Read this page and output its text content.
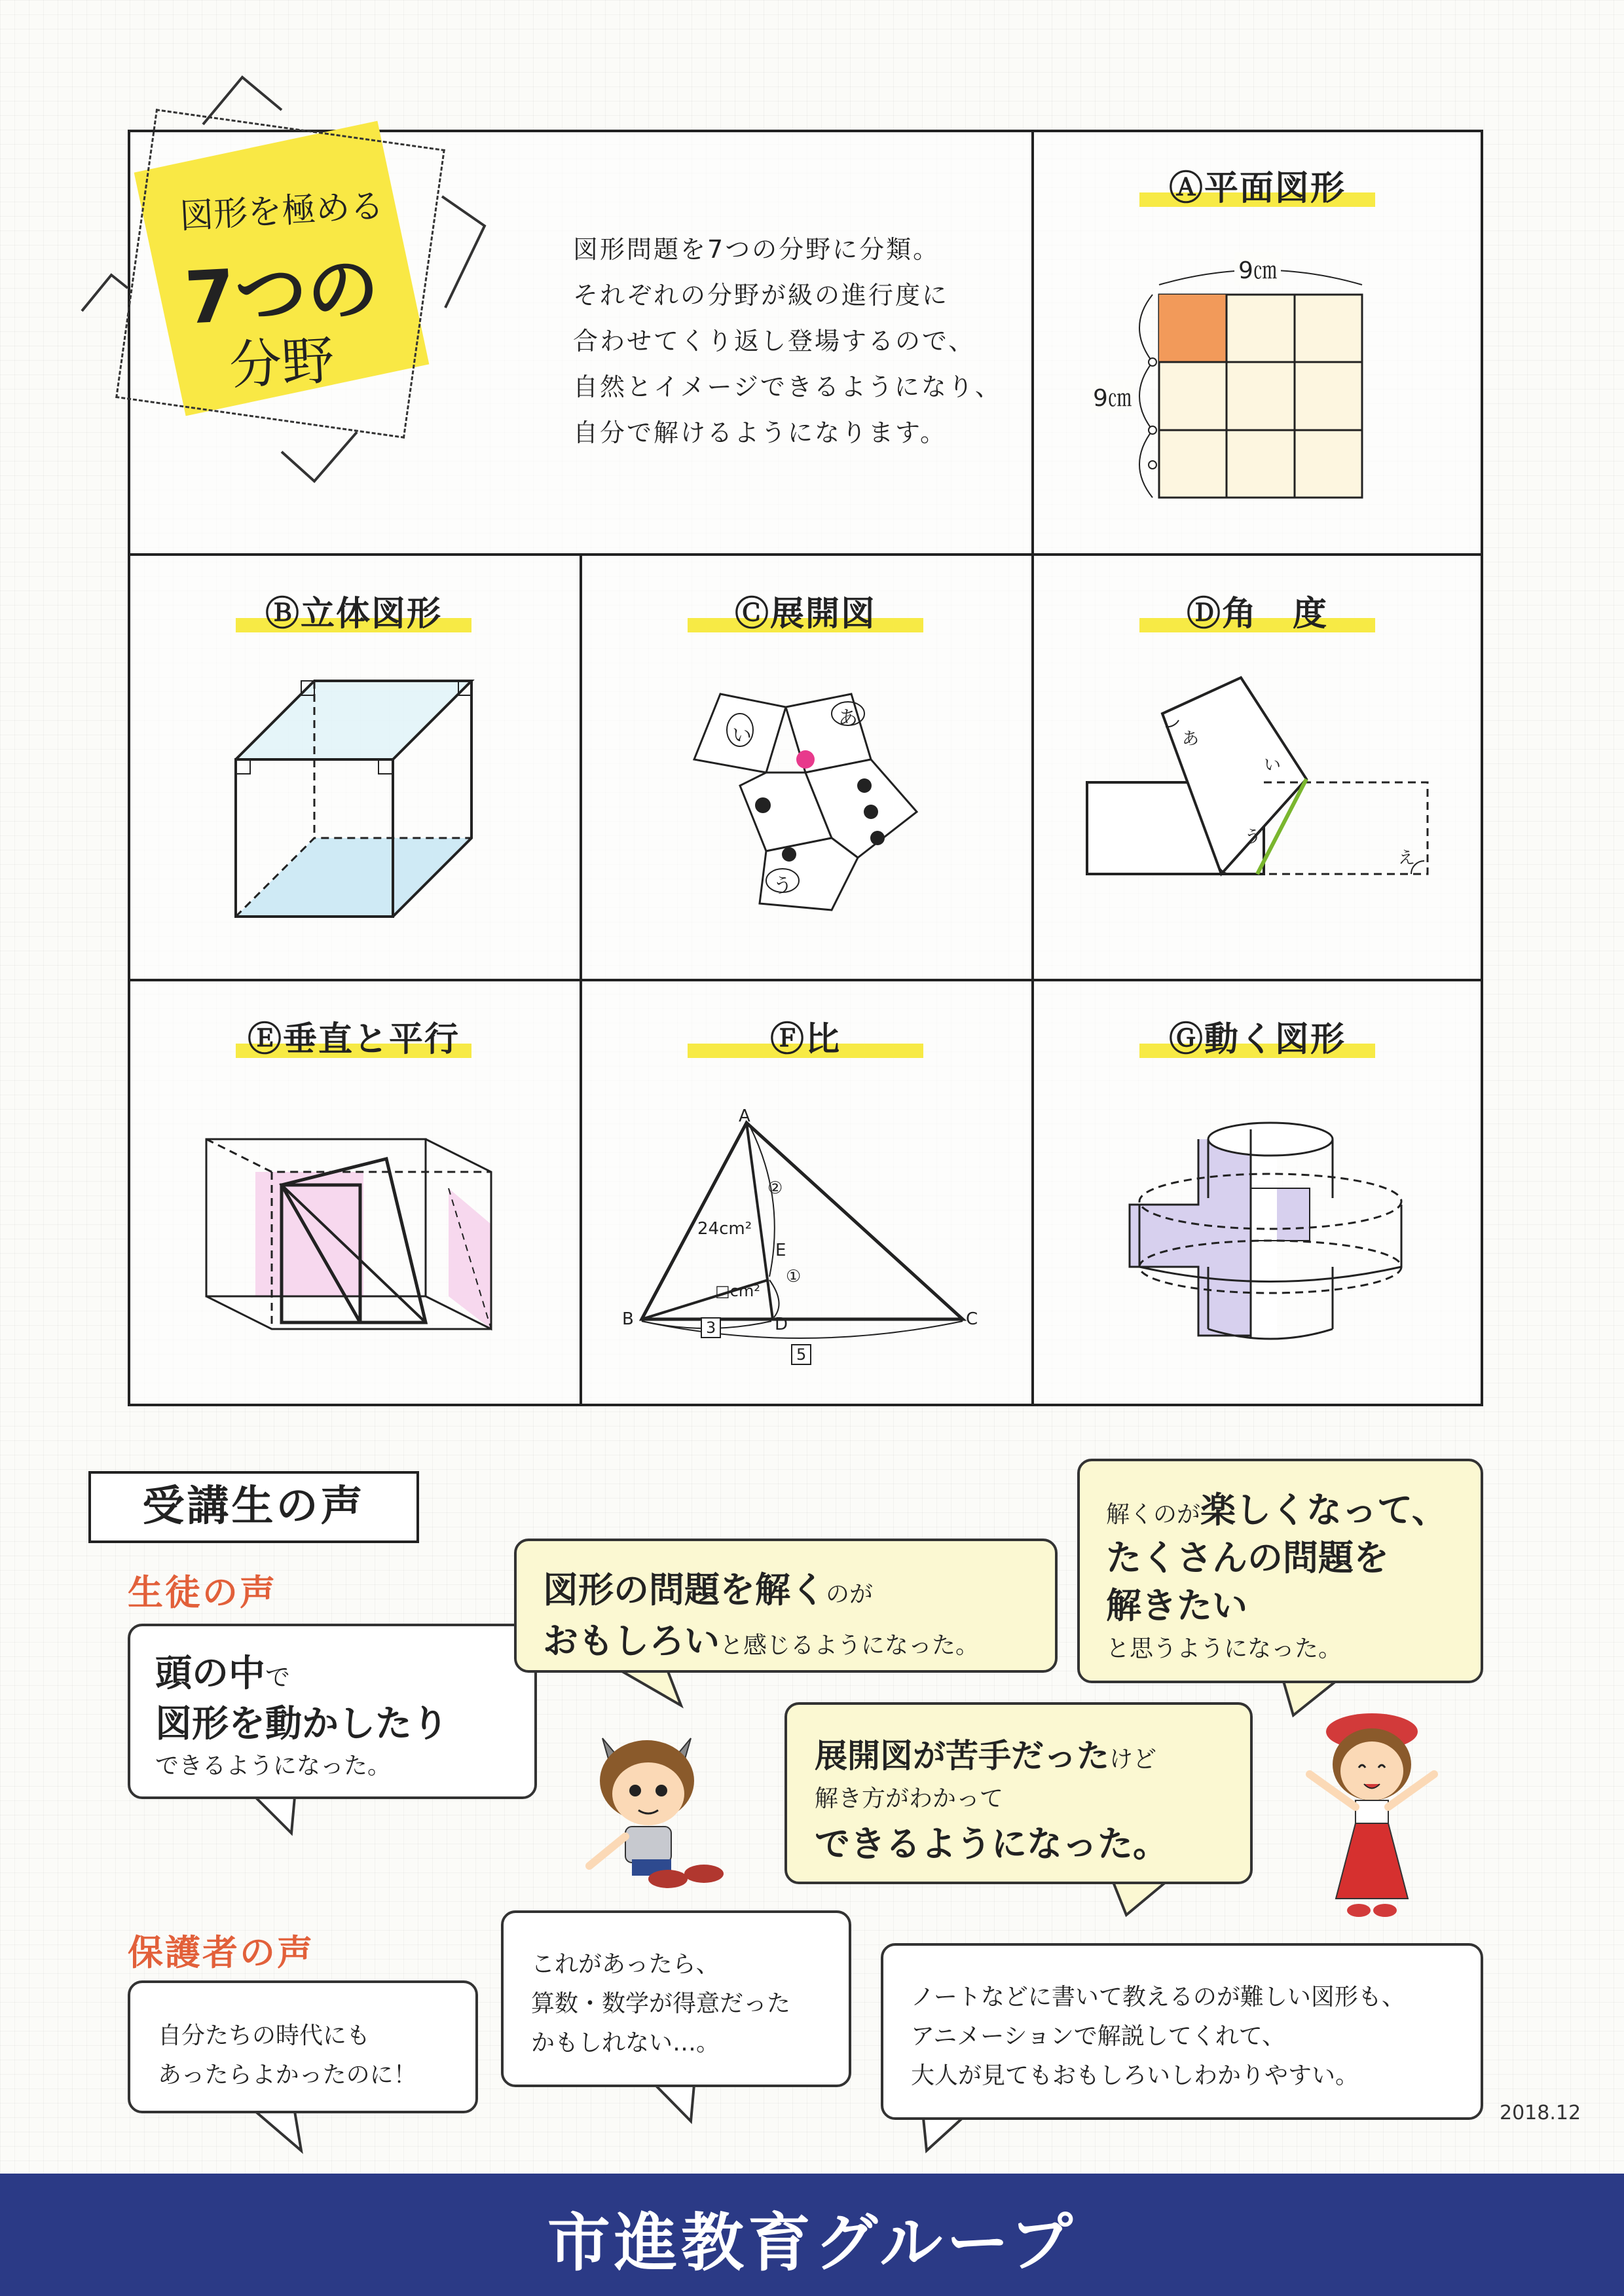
図形を極める
7つの
分野
図形問題を7つの分野に分類。
それぞれの分野が級の進行度に
合わせてくり返し登場するので、
自然とイメージできるようになり、
自分で解けるようになります。
Ⓐ平面図形
9㎝
9㎝
Ⓑ立体図形	Ⓒ展開図
い
あ
う
Ⓓ角　度
あ
い
う
え
Ⓔ垂直と平行	Ⓕ比
A
B	C
D
E
24cm²
□cm²
②
①
3
5
Ⓖ動く図形
受講生の声
生徒の声
保護者の声
頭の中で
図形を動かしたり
できるようになった。
図形の問題を解くのが
おもしろいと感じるようになった。
解くのが楽しくなって、
たくさんの問題を
解きたい
と思うようになった。
展開図が苦手だったけど
解き方がわかって
できるようになった。
自分たちの時代にも
あったらよかったのに！
これがあったら、
算数・数学が得意だった
かもしれない…。
ノートなどに書いて教えるのが難しい図形も、
アニメーションで解説してくれて、
大人が見てもおもしろいしわかりやすい。
2018.12
市進教育グループ
